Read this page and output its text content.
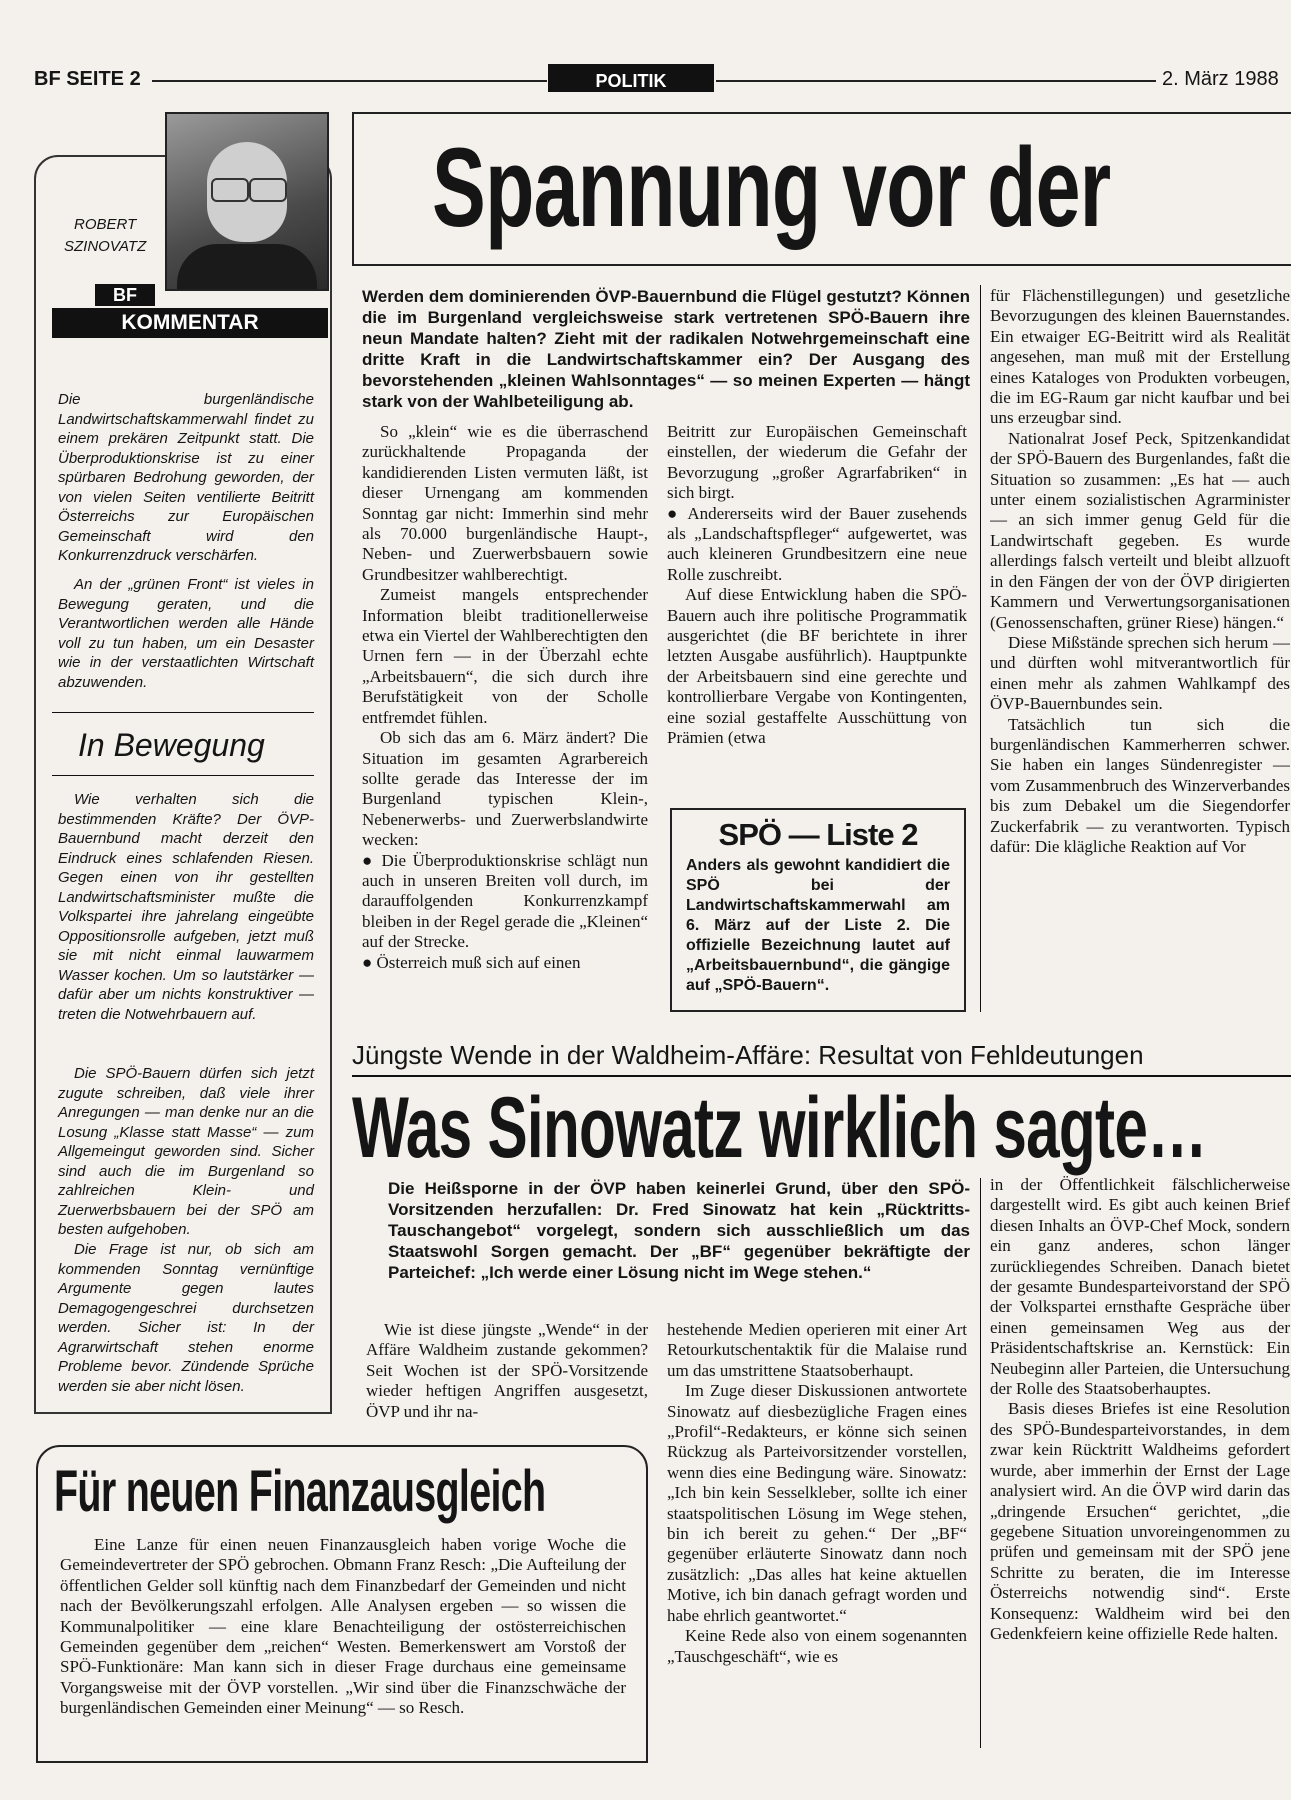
BF SEITE 2	POLITIK	2. März 1988
ROBERT
SZINOVATZ
BF
KOMMENTAR
Die burgenländische Landwirtschaftskammerwahl findet zu einem prekären Zeitpunkt statt. Die Überproduktionskrise ist zu einer spürbaren Bedrohung geworden, der von vielen Seiten ventilierte Beitritt Österreichs zur Europäischen Gemeinschaft wird den Konkurrenzdruck verschärfen.
An der „grünen Front“ ist vieles in Bewegung geraten, und die Verantwortlichen werden alle Hände voll zu tun haben, um ein Desaster wie in der verstaatlichten Wirtschaft abzuwenden.
In Bewegung
Wie verhalten sich die bestimmenden Kräfte? Der ÖVP-Bauernbund macht derzeit den Eindruck eines schlafenden Riesen. Gegen einen von ihr gestellten Landwirtschaftsminister mußte die Volkspartei ihre jahrelang eingeübte Oppositionsrolle aufgeben, jetzt muß sie mit nicht einmal lauwarmem Wasser kochen. Um so lautstärker — dafür aber um nichts konstruktiver — treten die Notwehrbauern auf.
Die SPÖ-Bauern dürfen sich jetzt zugute schreiben, daß viele ihrer Anregungen — man denke nur an die Losung „Klasse statt Masse“ — zum Allgemeingut geworden sind. Sicher sind auch die im Burgenland so zahlreichen Klein- und Zuerwerbsbauern bei der SPÖ am besten aufgehoben.
Die Frage ist nur, ob sich am kommenden Sonntag vernünftige Argumente gegen lautes Demagogengeschrei durchsetzen werden. Sicher ist: In der Agrarwirtschaft stehen enorme Probleme bevor. Zündende Sprüche werden sie aber nicht lösen.
Spannung vor der
Werden dem dominierenden ÖVP-Bauernbund die Flügel gestutzt? Können die im Burgenland vergleichsweise stark vertretenen SPÖ-Bauern ihre neun Mandate halten? Zieht mit der radikalen Notwehrgemeinschaft eine dritte Kraft in die Landwirtschaftskammer ein? Der Ausgang des bevorstehenden „kleinen Wahlsonntages“ — so meinen Experten — hängt stark von der Wahlbeteiligung ab.

So „klein“ wie es die überraschend zurückhaltende Propaganda der kandidierenden Listen vermuten läßt, ist dieser Urnengang am kommenden Sonntag gar nicht: Immerhin sind mehr als 70.000 burgenländische Haupt-, Neben- und Zuerwerbsbauern sowie Grundbesitzer wahlberechtigt.

Zumeist mangels entsprechender Information bleibt traditionellerweise etwa ein Viertel der Wahlberechtigten den Urnen fern — in der Überzahl echte „Arbeitsbauern“, die sich durch ihre Berufstätigkeit von der Scholle entfremdet fühlen.

Ob sich das am 6. März ändert? Die Situation im gesamten Agrarbereich sollte gerade das Interesse der im Burgenland typischen Klein-, Nebenerwerbs- und Zuerwerbslandwirte wecken:

● Die Überproduktionskrise schlägt nun auch in unseren Breiten voll durch, im darauffolgenden Konkurrenzkampf bleiben in der Regel gerade die „Kleinen“ auf der Strecke.

● Österreich muß sich auf einen

Beitritt zur Europäischen Gemeinschaft einstellen, der wiederum die Gefahr der Bevorzugung „großer Agrarfabriken“ in sich birgt.

● Andererseits wird der Bauer zusehends als „Landschaftspfleger“ aufgewertet, was auch kleineren Grundbesitzern eine neue Rolle zuschreibt.

Auf diese Entwicklung haben die SPÖ-Bauern auch ihre politische Programmatik ausgerichtet (die BF berichtete in ihrer letzten Ausgabe ausführlich). Hauptpunkte der Arbeitsbauern sind eine gerechte und kontrollierbare Vergabe von Kontingenten, eine sozial gestaffelte Ausschüttung von Prämien (etwa

SPÖ — Liste 2
Anders als gewohnt kandidiert die SPÖ bei der Landwirtschaftskammerwahl am 6. März auf der Liste 2. Die offizielle Bezeichnung lautet auf „Arbeitsbauernbund“, die gängige auf „SPÖ-Bauern“.

für Flächenstillegungen) und gesetzliche Bevorzugungen des kleinen Bauernstandes. Ein etwaiger EG-Beitritt wird als Realität angesehen, man muß mit der Erstellung eines Kataloges von Produkten vorbeugen, die im EG-Raum gar nicht kaufbar und bei uns erzeugbar sind.

Nationalrat Josef Peck, Spitzenkandidat der SPÖ-Bauern des Burgenlandes, faßt die Situation so zusammen: „Es hat — auch unter einem sozialistischen Agrarminister — an sich immer genug Geld für die Landwirtschaft gegeben. Es wurde allerdings falsch verteilt und bleibt allzuoft in den Fängen der von der ÖVP dirigierten Kammern und Verwertungsorganisationen (Genossenschaften, grüner Riese) hängen.“

Diese Mißstände sprechen sich herum — und dürften wohl mitverantwortlich für einen mehr als zahmen Wahlkampf des ÖVP-Bauernbundes sein.

Tatsächlich tun sich die burgenländischen Kammerherren schwer. Sie haben ein langes Sündenregister — vom Zusammenbruch des Winzerverbandes bis zum Debakel um die Siegendorfer Zuckerfabrik — zu verantworten. Typisch dafür: Die klägliche Reaktion auf Vor

Jüngste Wende in der Waldheim-Affäre: Resultat von Fehldeutungen
Was Sinowatz wirklich sagte…
Die Heißsporne in der ÖVP haben keinerlei Grund, über den SPÖ-Vorsitzenden herzufallen: Dr. Fred Sinowatz hat kein „Rücktritts-Tauschangebot“ vorgelegt, sondern sich ausschließlich um das Staatswohl Sorgen gemacht. Der „BF“ gegenüber bekräftigte der Parteichef: „Ich werde einer Lösung nicht im Wege stehen.“
Wie ist diese jüngste „Wende“ in der Affäre Waldheim zustande gekommen? Seit Wochen ist der SPÖ-Vorsitzende wieder heftigen Angriffen ausgesetzt, ÖVP und ihr na-

hestehende Medien operieren mit einer Art Retourkutschentaktik für die Malaise rund um das umstrittene Staatsoberhaupt.

Im Zuge dieser Diskussionen antwortete Sinowatz auf diesbezügliche Fragen eines „Profil“-Redakteurs, er könne sich seinen Rückzug als Parteivorsitzender vorstellen, wenn dies eine Bedingung wäre. Sinowatz: „Ich bin kein Sesselkleber, sollte ich einer staatspolitischen Lösung im Wege stehen, bin ich bereit zu gehen.“ Der „BF“ gegenüber erläuterte Sinowatz dann noch zusätzlich: „Das alles hat keine aktuellen Motive, ich bin danach gefragt worden und habe ehrlich geantwortet.“

Keine Rede also von einem sogenannten „Tauschgeschäft“, wie es

in der Öffentlichkeit fälschlicherweise dargestellt wird. Es gibt auch keinen Brief diesen Inhalts an ÖVP-Chef Mock, sondern ein ganz anderes, schon länger zurückliegendes Schreiben. Danach bietet der gesamte Bundesparteivorstand der SPÖ der Volkspartei ernsthafte Gespräche über einen gemeinsamen Weg aus der Präsidentschaftskrise an. Kernstück: Ein Neubeginn aller Parteien, die Untersuchung der Rolle des Staatsoberhauptes.

Basis dieses Briefes ist eine Resolution des SPÖ-Bundesparteivorstandes, in dem zwar kein Rücktritt Waldheims gefordert wurde, aber immerhin der Ernst der Lage analysiert wird. An die ÖVP wird darin das „dringende Ersuchen“ gerichtet, „die gegebene Situation unvoreingenommen zu prüfen und gemeinsam mit der SPÖ jene Schritte zu beraten, die im Interesse Österreichs notwendig sind“. Erste Konsequenz: Waldheim wird bei den Gedenkfeiern keine offizielle Rede halten.

Für neuen Finanzausgleich
Eine Lanze für einen neuen Finanzausgleich haben vorige Woche die Gemeindevertreter der SPÖ gebrochen. Obmann Franz Resch: „Die Aufteilung der öffentlichen Gelder soll künftig nach dem Finanzbedarf der Gemeinden und nicht nach der Bevölkerungszahl erfolgen. Alle Analysen ergeben — so wissen die Kommunalpolitiker — eine klare Benachteiligung der ostösterreichischen Gemeinden gegenüber dem „reichen“ Westen. Bemerkenswert am Vorstoß der SPÖ-Funktionäre: Man kann sich in dieser Frage durchaus eine gemeinsame Vorgangsweise mit der ÖVP vorstellen. „Wir sind über die Finanzschwäche der burgenländischen Gemeinden einer Meinung“ — so Resch.
